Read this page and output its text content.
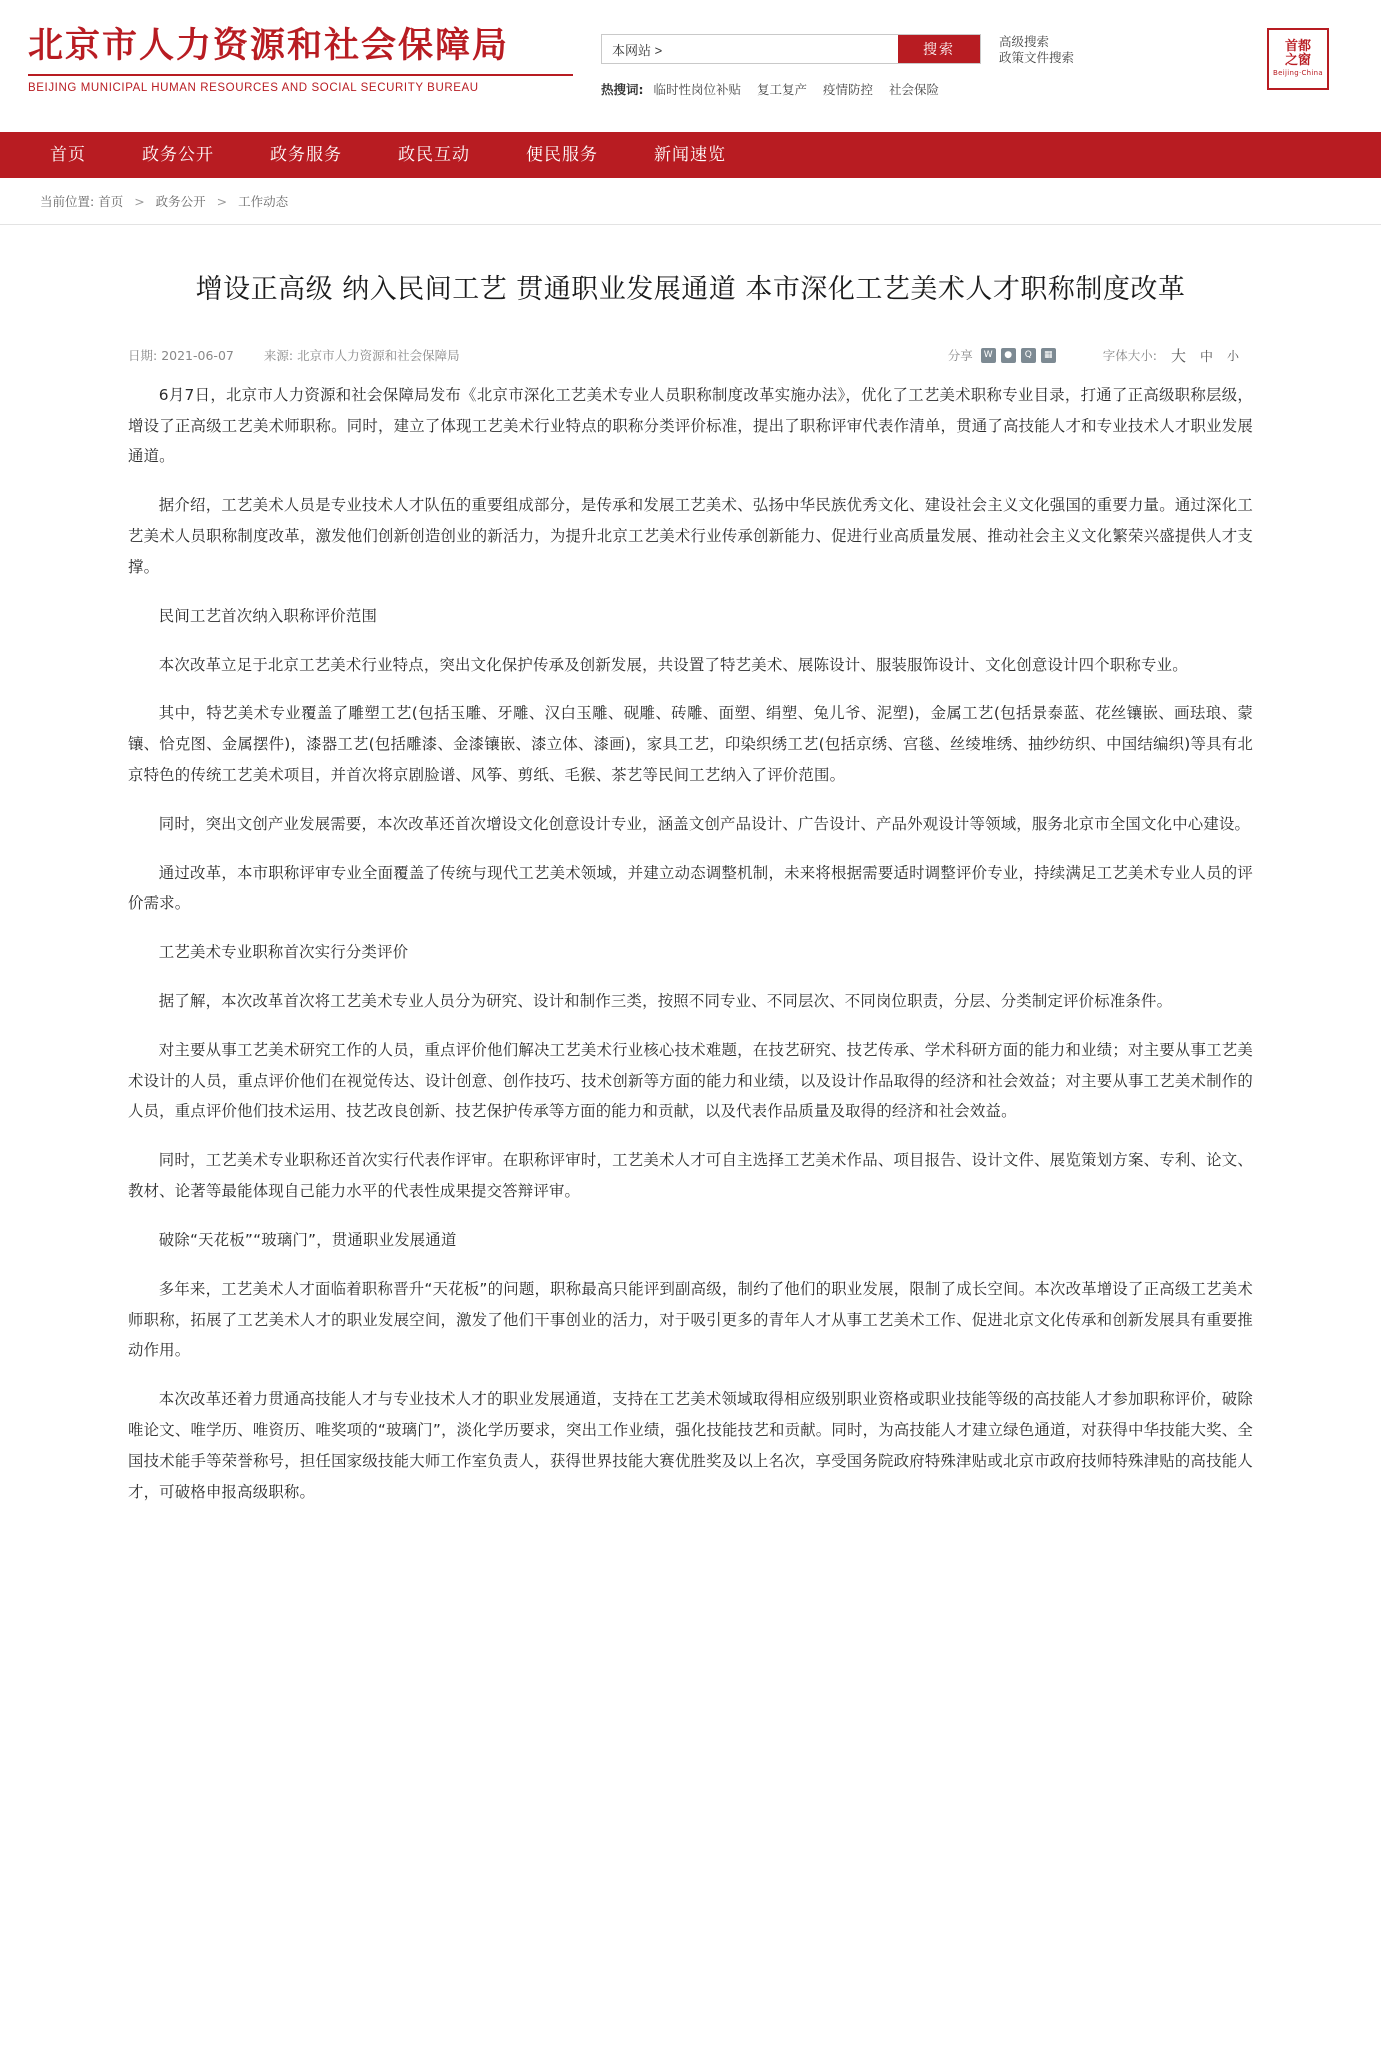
北京市人力资源和社会保障局
BEIJING MUNICIPAL HUMAN RESOURCES AND SOCIAL SECURITY BUREAU
本网站 >
搜索
高级搜索
政策文件搜索
热搜词: 临时性岗位补贴 复工复产 疫情防控 社会保险
首都
之窗
Beijing·China
首页	政务公开	政务服务	政民互动	便民服务	新闻速览
当前位置: 首页 > 政务公开 > 工作动态
增设正高级 纳入民间工艺 贯通职业发展通道 本市深化工艺美术人才职称制度改革
日期: 2021-06-07 来源: 北京市人力资源和社会保障局	分享	W	●	Q	▦	字体大小: 大 中 小

6月7日，北京市人力资源和社会保障局发布《北京市深化工艺美术专业人员职称制度改革实施办法》，优化了工艺美术职称专业目录，打通了正高级职称层级，增设了正高级工艺美术师职称。同时，建立了体现工艺美术行业特点的职称分类评价标准，提出了职称评审代表作清单，贯通了高技能人才和专业技术人才职业发展通道。

据介绍，工艺美术人员是专业技术人才队伍的重要组成部分，是传承和发展工艺美术、弘扬中华民族优秀文化、建设社会主义文化强国的重要力量。通过深化工艺美术人员职称制度改革，激发他们创新创造创业的新活力，为提升北京工艺美术行业传承创新能力、促进行业高质量发展、推动社会主义文化繁荣兴盛提供人才支撑。

民间工艺首次纳入职称评价范围

本次改革立足于北京工艺美术行业特点，突出文化保护传承及创新发展，共设置了特艺美术、展陈设计、服装服饰设计、文化创意设计四个职称专业。

其中，特艺美术专业覆盖了雕塑工艺(包括玉雕、牙雕、汉白玉雕、砚雕、砖雕、面塑、绢塑、兔儿爷、泥塑)，金属工艺(包括景泰蓝、花丝镶嵌、画珐琅、蒙镶、恰克图、金属摆件)，漆器工艺(包括雕漆、金漆镶嵌、漆立体、漆画)，家具工艺，印染织绣工艺(包括京绣、宫毯、丝绫堆绣、抽纱纺织、中国结编织)等具有北京特色的传统工艺美术项目，并首次将京剧脸谱、风筝、剪纸、毛猴、茶艺等民间工艺纳入了评价范围。

同时，突出文创产业发展需要，本次改革还首次增设文化创意设计专业，涵盖文创产品设计、广告设计、产品外观设计等领域，服务北京市全国文化中心建设。

通过改革，本市职称评审专业全面覆盖了传统与现代工艺美术领域，并建立动态调整机制，未来将根据需要适时调整评价专业，持续满足工艺美术专业人员的评价需求。

工艺美术专业职称首次实行分类评价

据了解，本次改革首次将工艺美术专业人员分为研究、设计和制作三类，按照不同专业、不同层次、不同岗位职责，分层、分类制定评价标准条件。

对主要从事工艺美术研究工作的人员，重点评价他们解决工艺美术行业核心技术难题，在技艺研究、技艺传承、学术科研方面的能力和业绩；对主要从事工艺美术设计的人员，重点评价他们在视觉传达、设计创意、创作技巧、技术创新等方面的能力和业绩，以及设计作品取得的经济和社会效益；对主要从事工艺美术制作的人员，重点评价他们技术运用、技艺改良创新、技艺保护传承等方面的能力和贡献，以及代表作品质量及取得的经济和社会效益。

同时，工艺美术专业职称还首次实行代表作评审。在职称评审时，工艺美术人才可自主选择工艺美术作品、项目报告、设计文件、展览策划方案、专利、论文、教材、论著等最能体现自己能力水平的代表性成果提交答辩评审。

破除“天花板”“玻璃门”，贯通职业发展通道

多年来，工艺美术人才面临着职称晋升“天花板”的问题，职称最高只能评到副高级，制约了他们的职业发展，限制了成长空间。本次改革增设了正高级工艺美术师职称，拓展了工艺美术人才的职业发展空间，激发了他们干事创业的活力，对于吸引更多的青年人才从事工艺美术工作、促进北京文化传承和创新发展具有重要推动作用。

本次改革还着力贯通高技能人才与专业技术人才的职业发展通道，支持在工艺美术领域取得相应级别职业资格或职业技能等级的高技能人才参加职称评价，破除唯论文、唯学历、唯资历、唯奖项的“玻璃门”，淡化学历要求，突出工作业绩，强化技能技艺和贡献。同时，为高技能人才建立绿色通道，对获得中华技能大奖、全国技术能手等荣誉称号，担任国家级技能大师工作室负责人，获得世界技能大赛优胜奖及以上名次，享受国务院政府特殊津贴或北京市政府技师特殊津贴的高技能人才，可破格申报高级职称。
